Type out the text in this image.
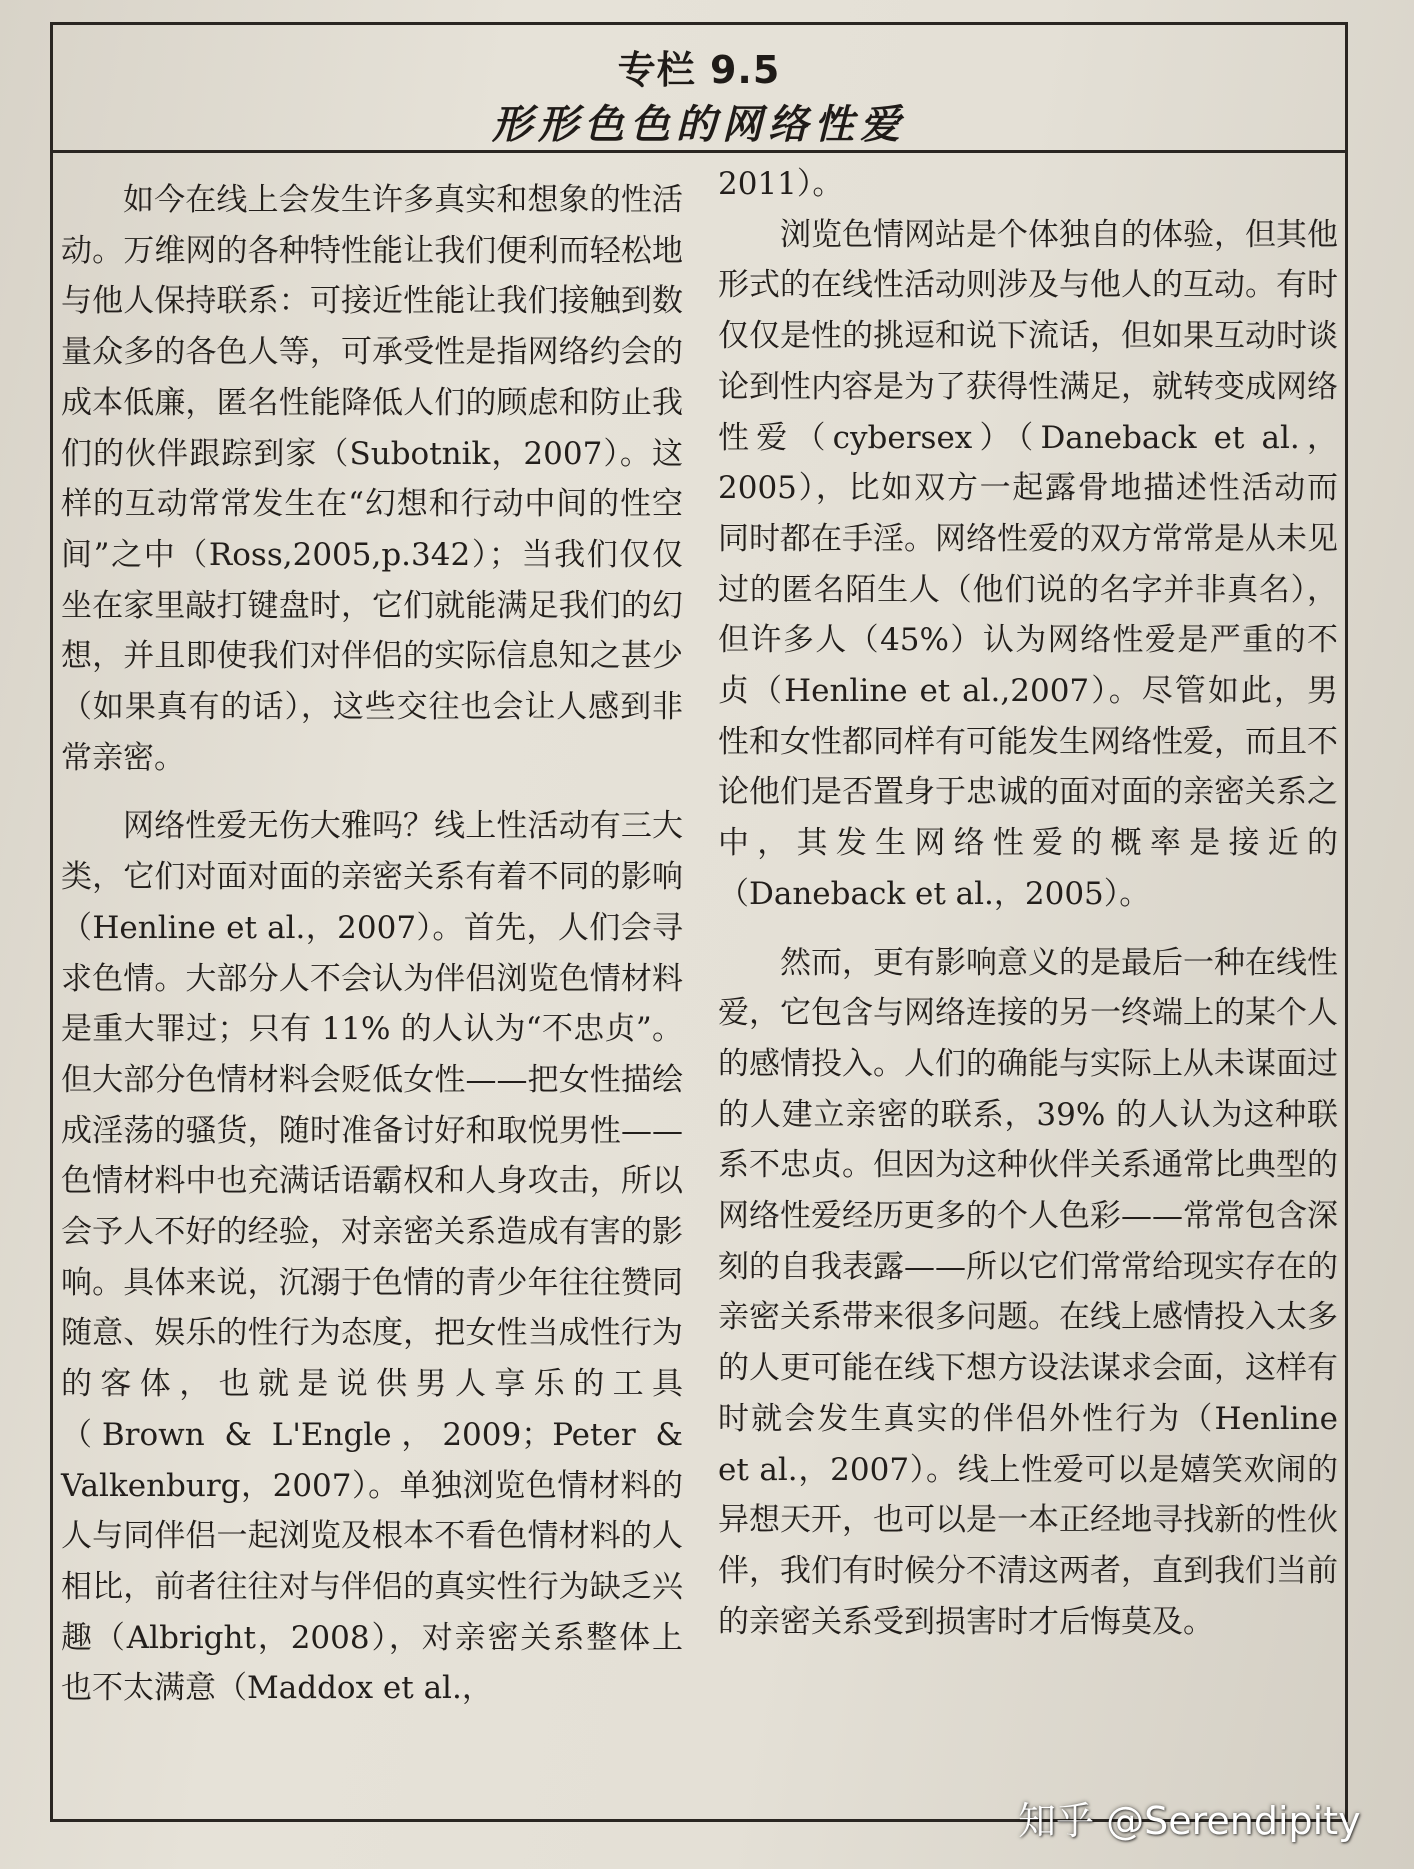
专栏 9.5
形形色色的网络性爱

如今在线上会发生许多真实和想象的性活动。万维网的各种特性能让我们便利而轻松地与他人保持联系：可接近性能让我们接触到数量众多的各色人等，可承受性是指网络约会的成本低廉，匿名性能降低人们的顾虑和防止我们的伙伴跟踪到家（Subotnik，2007）。这样的互动常常发生在“幻想和行动中间的性空间”之中（Ross,2005,p.342）；当我们仅仅坐在家里敲打键盘时，它们就能满足我们的幻想，并且即使我们对伴侣的实际信息知之甚少（如果真有的话），这些交往也会让人感到非常亲密。

网络性爱无伤大雅吗？线上性活动有三大类，它们对面对面的亲密关系有着不同的影响（Henline et al.，2007）。首先，人们会寻求色情。大部分人不会认为伴侣浏览色情材料是重大罪过；只有 11% 的人认为“不忠贞”。但大部分色情材料会贬低女性——把女性描绘成淫荡的骚货，随时准备讨好和取悦男性——色情材料中也充满话语霸权和人身攻击，所以会予人不好的经验，对亲密关系造成有害的影响。具体来说，沉溺于色情的青少年往往赞同随意、娱乐的性行为态度，把女性当成性行为的客体，也就是说供男人享乐的工具（Brown & L'Engle，2009；Peter & Valkenburg，2007）。单独浏览色情材料的人与同伴侣一起浏览及根本不看色情材料的人相比，前者往往对与伴侣的真实性行为缺乏兴趣（Albright，2008），对亲密关系整体上也不太满意（Maddox et al.，

2011）。

浏览色情网站是个体独自的体验，但其他形式的在线性活动则涉及与他人的互动。有时仅仅是性的挑逗和说下流话，但如果互动时谈论到性内容是为了获得性满足，就转变成网络性爱（cybersex）（Daneback et al.，2005），比如双方一起露骨地描述性活动而同时都在手淫。网络性爱的双方常常是从未见过的匿名陌生人（他们说的名字并非真名），但许多人（45%）认为网络性爱是严重的不贞（Henline et al.,2007）。尽管如此，男性和女性都同样有可能发生网络性爱，而且不论他们是否置身于忠诚的面对面的亲密关系之中，其发生网络性爱的概率是接近的（Daneback et al.，2005）。

然而，更有影响意义的是最后一种在线性爱，它包含与网络连接的另一终端上的某个人的感情投入。人们的确能与实际上从未谋面过的人建立亲密的联系，39% 的人认为这种联系不忠贞。但因为这种伙伴关系通常比典型的网络性爱经历更多的个人色彩——常常包含深刻的自我表露——所以它们常常给现实存在的亲密关系带来很多问题。在线上感情投入太多的人更可能在线下想方设法谋求会面，这样有时就会发生真实的伴侣外性行为（Henline et al.，2007）。线上性爱可以是嬉笑欢闹的异想天开，也可以是一本正经地寻找新的性伙伴，我们有时候分不清这两者，直到我们当前的亲密关系受到损害时才后悔莫及。

知乎 @Serendipity
